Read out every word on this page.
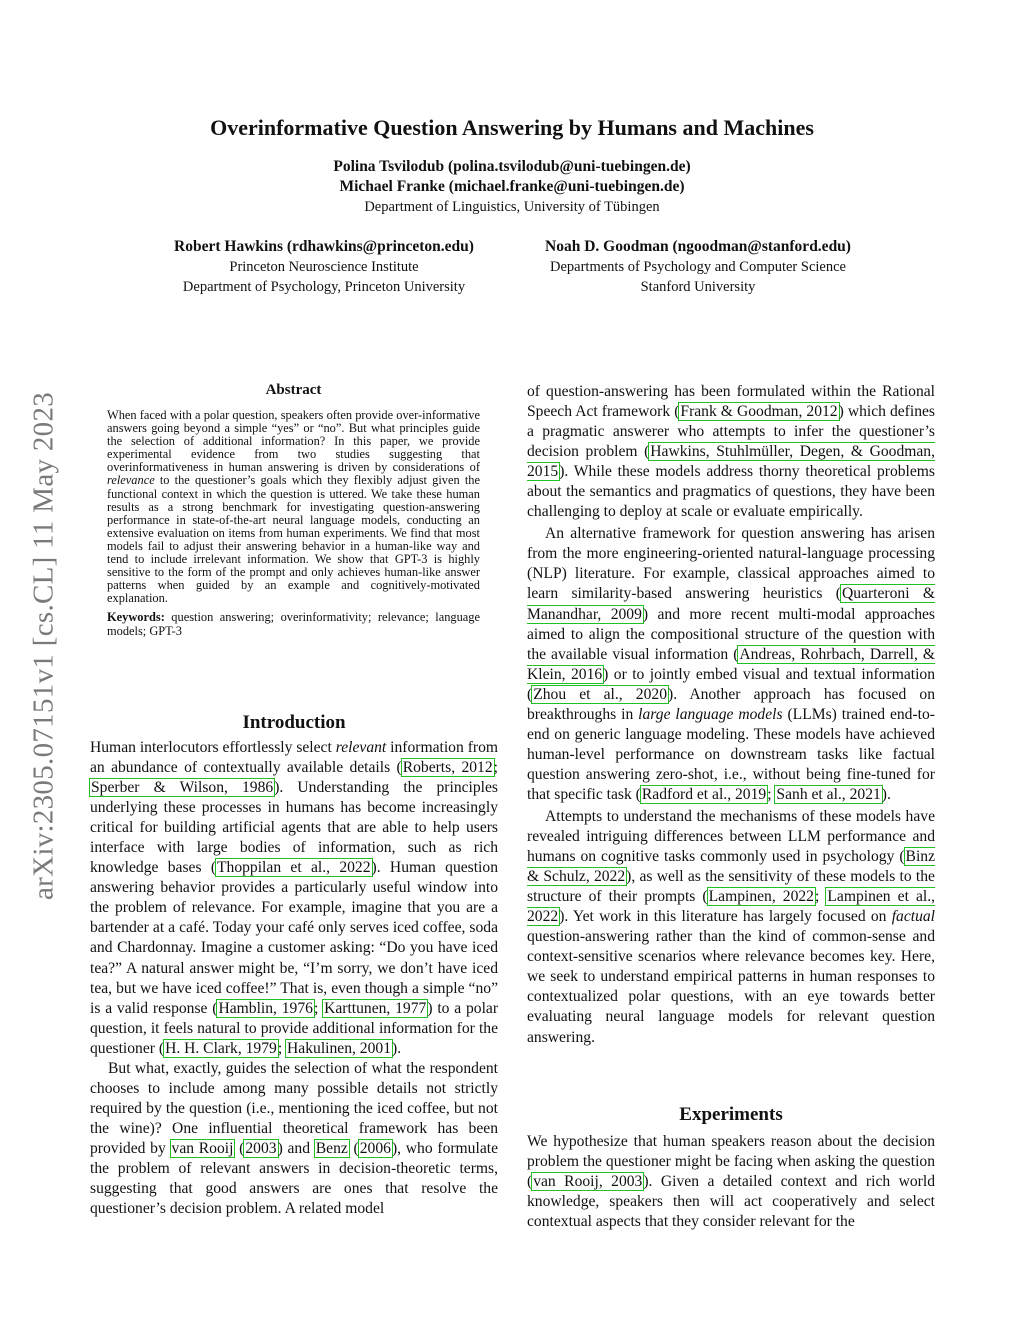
arXiv:2305.07151v1 [cs.CL] 11 May 2023
Overinformative Question Answering by Humans and Machines
Polina Tsvilodub (polina.tsvilodub@uni-tuebingen.de)
Michael Franke (michael.franke@uni-tuebingen.de)
Department of Linguistics, University of Tübingen
Robert Hawkins (rdhawkins@princeton.edu)
Princeton Neuroscience Institute
Department of Psychology, Princeton University
Noah D. Goodman (ngoodman@stanford.edu)
Departments of Psychology and Computer Science
Stanford University
Abstract

When faced with a polar question, speakers often provide over-informative answers going beyond a simple “yes” or “no”. But what principles guide the selection of additional information? In this paper, we provide experimental evidence from two studies suggesting that overinformativeness in human answering is driven by considerations of relevance to the questioner’s goals which they flexibly adjust given the functional context in which the question is uttered. We take these human results as a strong benchmark for investigating question-answering performance in state-of-the-art neural language models, conducting an extensive evaluation on items from human experiments. We find that most models fail to adjust their answering behavior in a human-like way and tend to include irrelevant information. We show that GPT-3 is highly sensitive to the form of the prompt and only achieves human-like answer patterns when guided by an example and cognitively-motivated explanation.

Keywords: question answering; overinformativity; relevance; language models; GPT-3

Introduction

Human interlocutors effortlessly select relevant information from an abundance of contextually available details (Roberts, 2012; Sperber & Wilson, 1986). Understanding the principles underlying these processes in humans has become increasingly critical for building artificial agents that are able to help users interface with large bodies of information, such as rich knowledge bases (Thoppilan et al., 2022). Human question answering behavior provides a particularly useful window into the problem of relevance. For example, imagine that you are a bartender at a café. Today your café only serves iced coffee, soda and Chardonnay. Imagine a customer asking: “Do you have iced tea?” A natural answer might be, “I’m sorry, we don’t have iced tea, but we have iced coffee!” That is, even though a simple “no” is a valid response (Hamblin, 1976; Karttunen, 1977) to a polar question, it feels natural to provide additional information for the questioner (H. H. Clark, 1979; Hakulinen, 2001).

But what, exactly, guides the selection of what the respondent chooses to include among many possible details not strictly required by the question (i.e., mentioning the iced coffee, but not the wine)? One influential theoretical framework has been provided by van Rooij (2003) and Benz (2006), who formulate the problem of relevant answers in decision-theoretic terms, suggesting that good answers are ones that resolve the questioner’s decision problem. A related model

of question-answering has been formulated within the Rational Speech Act framework (Frank & Goodman, 2012) which defines a pragmatic answerer who attempts to infer the questioner’s decision problem (Hawkins, Stuhlmüller, Degen, & Goodman, 2015). While these models address thorny theoretical problems about the semantics and pragmatics of questions, they have been challenging to deploy at scale or evaluate empirically.

An alternative framework for question answering has arisen from the more engineering-oriented natural-language processing (NLP) literature. For example, classical approaches aimed to learn similarity-based answering heuristics (Quarteroni & Manandhar, 2009) and more recent multi-modal approaches aimed to align the compositional structure of the question with the available visual information (Andreas, Rohrbach, Darrell, & Klein, 2016) or to jointly embed visual and textual information (Zhou et al., 2020). Another approach has focused on breakthroughs in large language models (LLMs) trained end-to-end on generic language modeling. These models have achieved human-level performance on downstream tasks like factual question answering zero-shot, i.e., without being fine-tuned for that specific task (Radford et al., 2019; Sanh et al., 2021).

Attempts to understand the mechanisms of these models have revealed intriguing differences between LLM performance and humans on cognitive tasks commonly used in psychology (Binz & Schulz, 2022), as well as the sensitivity of these models to the structure of their prompts (Lampinen, 2022; Lampinen et al., 2022). Yet work in this literature has largely focused on factual question-answering rather than the kind of common-sense and context-sensitive scenarios where relevance becomes key. Here, we seek to understand empirical patterns in human responses to contextualized polar questions, with an eye towards better evaluating neural language models for relevant question answering.

Experiments

We hypothesize that human speakers reason about the decision problem the questioner might be facing when asking the question (van Rooij, 2003). Given a detailed context and rich world knowledge, speakers then will act cooperatively and select contextual aspects that they consider relevant for the
